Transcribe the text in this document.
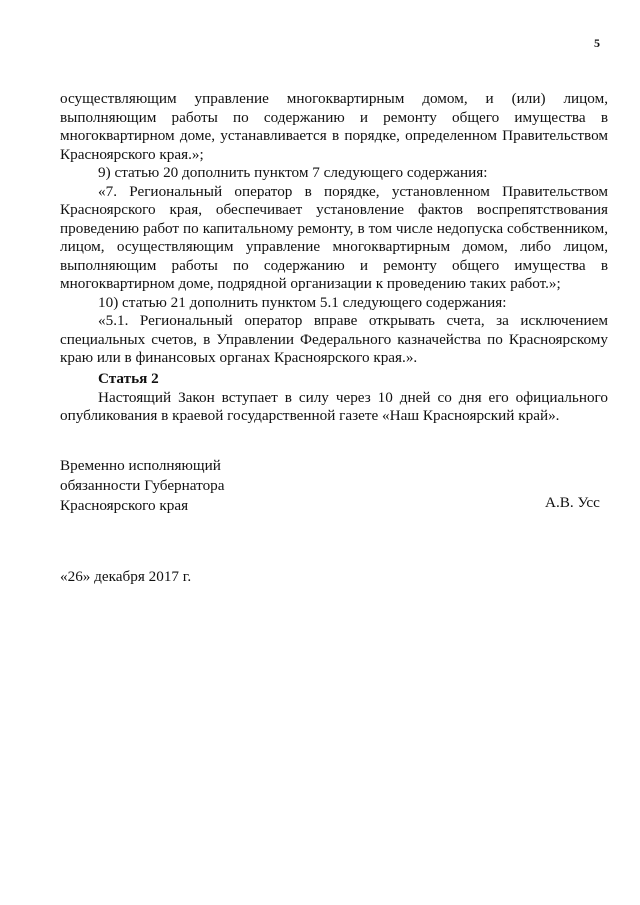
5

осуществляющим управление многоквартирным домом, и (или) лицом, выполняющим работы по содержанию и ремонту общего имущества в многоквартирном доме, устанавливается в порядке, определенном Правительством Красноярского края.»;

9) статью 20 дополнить пунктом 7 следующего содержания:

«7. Региональный оператор в порядке, установленном Правительством Красноярского края, обеспечивает установление фактов воспрепятствования проведению работ по капитальному ремонту, в том числе недопуска собственником, лицом, осуществляющим управление многоквартирным домом, либо лицом, выполняющим работы по содержанию и ремонту общего имущества в многоквартирном доме, подрядной организации к проведению таких работ.»;

10) статью 21 дополнить пунктом 5.1 следующего содержания:

«5.1. Региональный оператор вправе открывать счета, за исключением специальных счетов, в Управлении Федерального казначейства по Красноярскому краю или в финансовых органах Красноярского края.».

Статья 2

Настоящий Закон вступает в силу через 10 дней со дня его официального опубликования в краевой государственной газете «Наш Красноярский край».

Временно исполняющий
обязанности Губернатора
Красноярского края	А.В. Усс
«26» декабря 2017 г.
